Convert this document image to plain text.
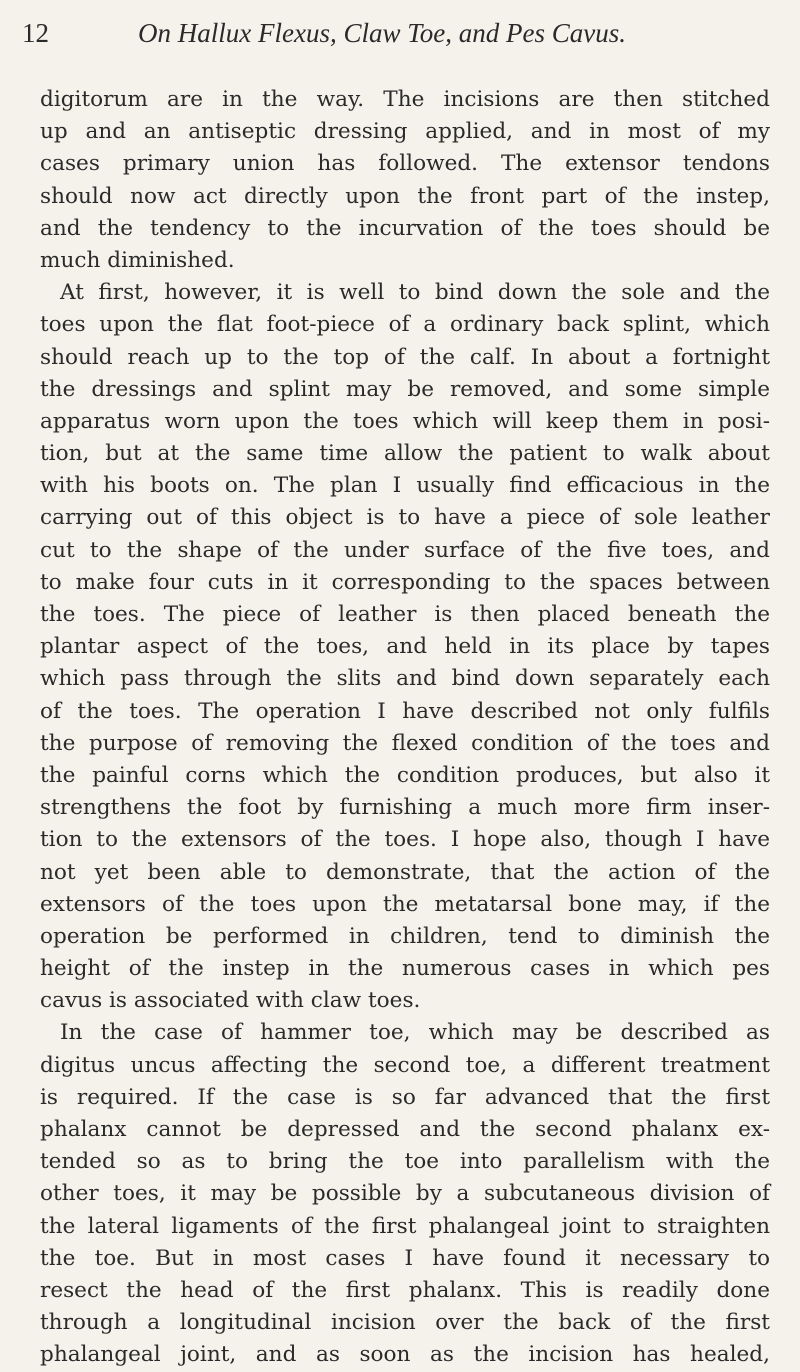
12	On Hallux Flexus, Claw Toe, and Pes Cavus.
digitorum are in the way. The incisions are then stitched
up and an antiseptic dressing applied, and in most of my
cases primary union has followed. The extensor tendons
should now act directly upon the front part of the instep,
and the tendency to the incurvation of the toes should be
much diminished.
At first, however, it is well to bind down the sole and the
toes upon the flat foot-piece of a ordinary back splint, which
should reach up to the top of the calf. In about a fortnight
the dressings and splint may be removed, and some simple
apparatus worn upon the toes which will keep them in posi-
tion, but at the same time allow the patient to walk about
with his boots on. The plan I usually find efficacious in the
carrying out of this object is to have a piece of sole leather
cut to the shape of the under surface of the five toes, and
to make four cuts in it corresponding to the spaces between
the toes. The piece of leather is then placed beneath the
plantar aspect of the toes, and held in its place by tapes
which pass through the slits and bind down separately each
of the toes. The operation I have described not only fulfils
the purpose of removing the flexed condition of the toes and
the painful corns which the condition produces, but also it
strengthens the foot by furnishing a much more firm inser-
tion to the extensors of the toes. I hope also, though I have
not yet been able to demonstrate, that the action of the
extensors of the toes upon the metatarsal bone may, if the
operation be performed in children, tend to diminish the
height of the instep in the numerous cases in which pes
cavus is associated with claw toes.
In the case of hammer toe, which may be described as
digitus uncus affecting the second toe, a different treatment
is required. If the case is so far advanced that the first
phalanx cannot be depressed and the second phalanx ex-
tended so as to bring the toe into parallelism with the
other toes, it may be possible by a subcutaneous division of
the lateral ligaments of the first phalangeal joint to straighten
the toe. But in most cases I have found it necessary to
resect the head of the first phalanx. This is readily done
through a longitudinal incision over the back of the first
phalangeal joint, and as soon as the incision has healed,
